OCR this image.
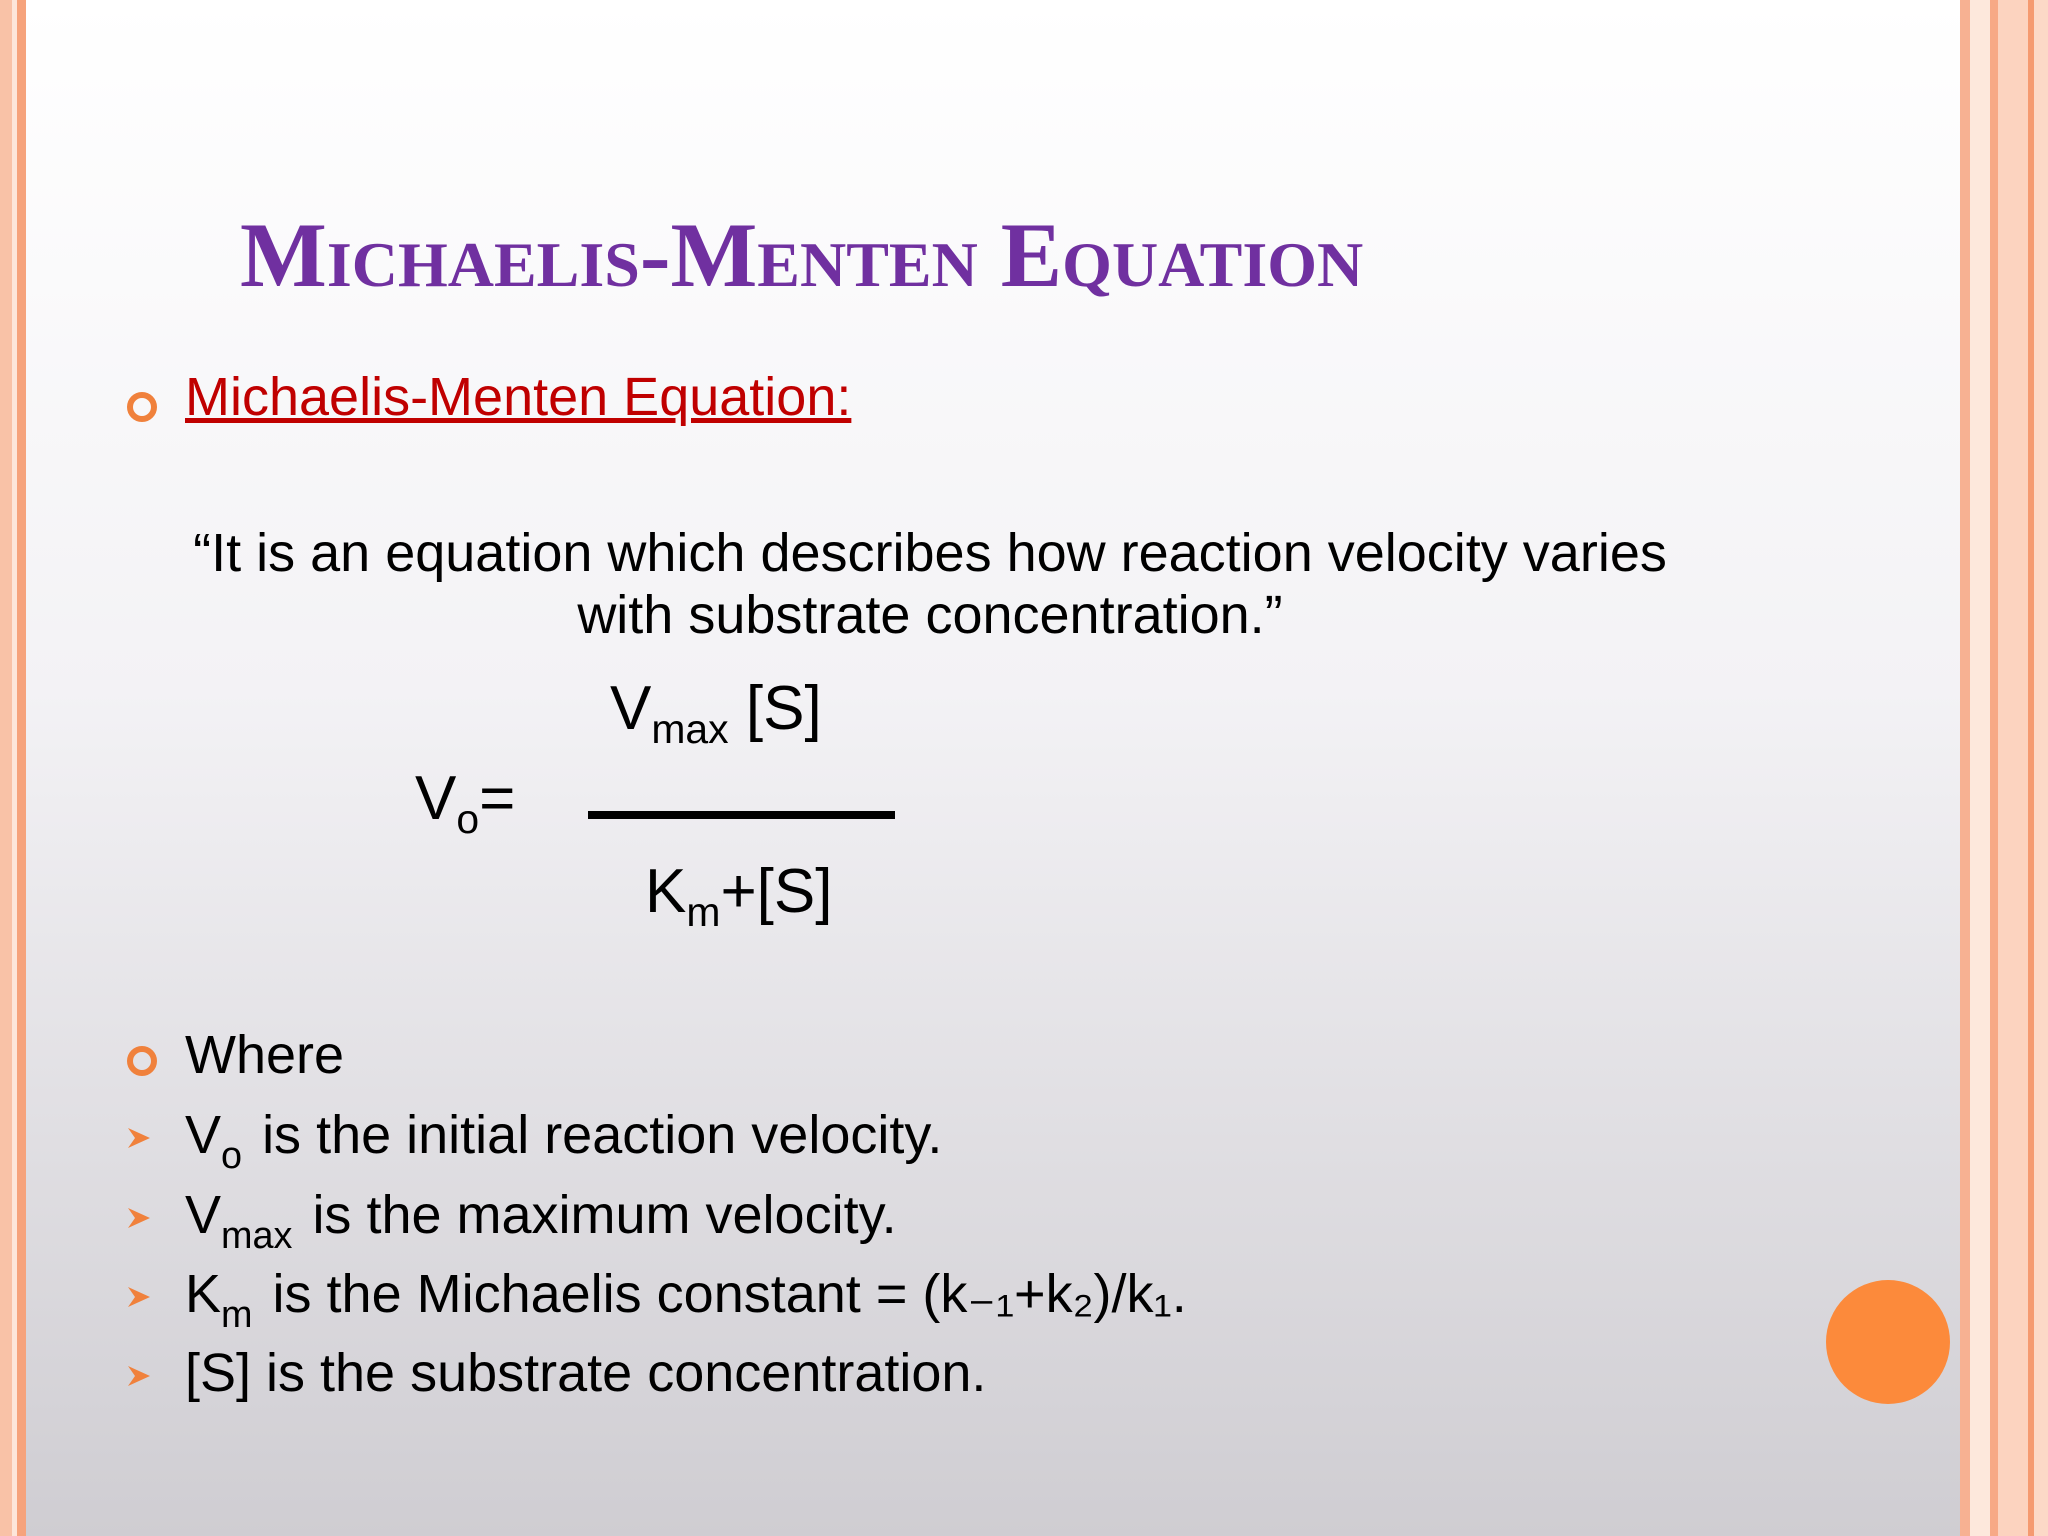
Michaelis-Menten Equation
Michaelis-Menten Equation:
“It is an equation which describes how reaction velocity varies
with substrate concentration.”
$V_o=$
$V_{max}$ [S]
$K_m+[S]$
Where
$V_o$ is the initial reaction velocity.
$V_{max}$ is the maximum velocity.
$K_m$ is the Michaelis constant = (k₋₁+k₂)/k₁.
[S] is the substrate concentration.
